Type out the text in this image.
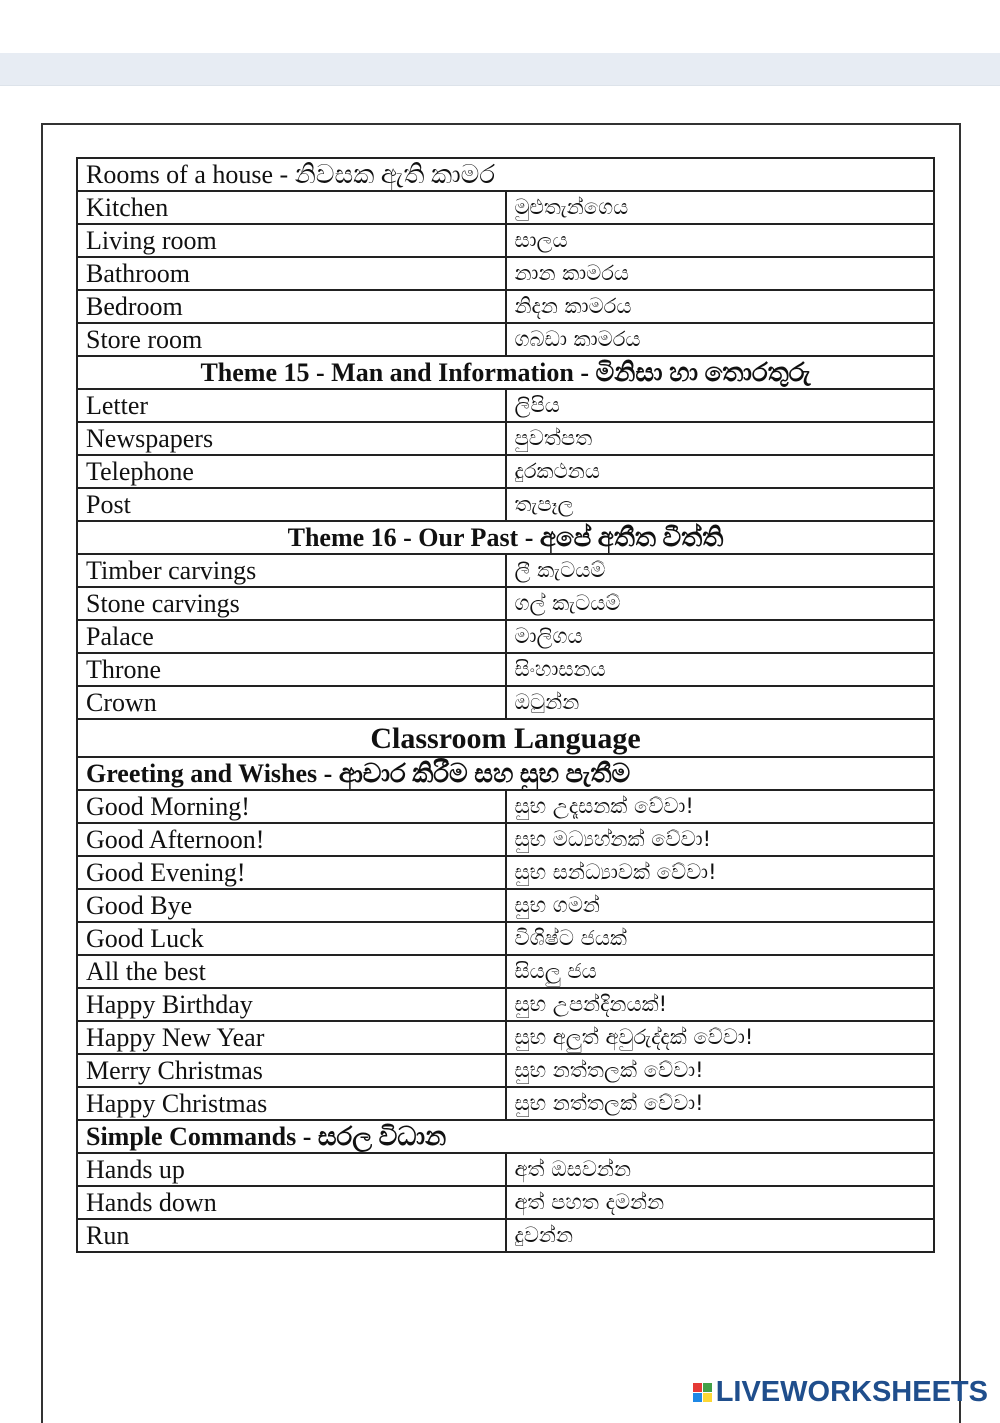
Rooms of a house - නිවසක ඇති කාමර	
Kitchen	මුළුතැන්ගෙය
Living room	සාලය
Bathroom	නාන කාමරය
Bedroom	නිදන කාමරය
Store room	ගබඩා කාමරය
Theme 15 - Man and Information - මිනිසා හා තොරතුරු	
Letter	ලිපිය
Newspapers	පුවත්පත
Telephone	දුරකථනය
Post	තැපෑල
Theme 16 - Our Past - අපේ අතීත වීත්ති	
Timber carvings	ලී කැටයම්
Stone carvings	ගල් කැටයම්
Palace	මාලිගය
Throne	සිංහාසනය
Crown	ඔටුන්න
Classroom Language	
Greeting and Wishes - ආචාර කිරීම සහ සුභ පැතීම	
Good Morning!	සුභ උදෑසනක් වේවා!
Good Afternoon!	සුභ මධ්‍යහ්නක් වේවා!
Good Evening!	සුභ සන්ධ්‍යාවක් වේවා!
Good Bye	සුභ ගමන්
Good Luck	විශිෂ්ට ජයක්
All the best	සියලු ජය
Happy Birthday	සුභ උපන්දිනයක්!
Happy New Year	සුභ අලුත් අවුරුද්දක් වේවා!
Merry Christmas	සුභ නත්තලක් වේවා!
Happy Christmas	සුභ නත්තලක් වේවා!
Simple Commands - සරල විධාන	
Hands up	අත් ඔසවන්න
Hands down	අත් පහත දමන්න
Run	දුවන්න
LIVEWORKSHEETS
